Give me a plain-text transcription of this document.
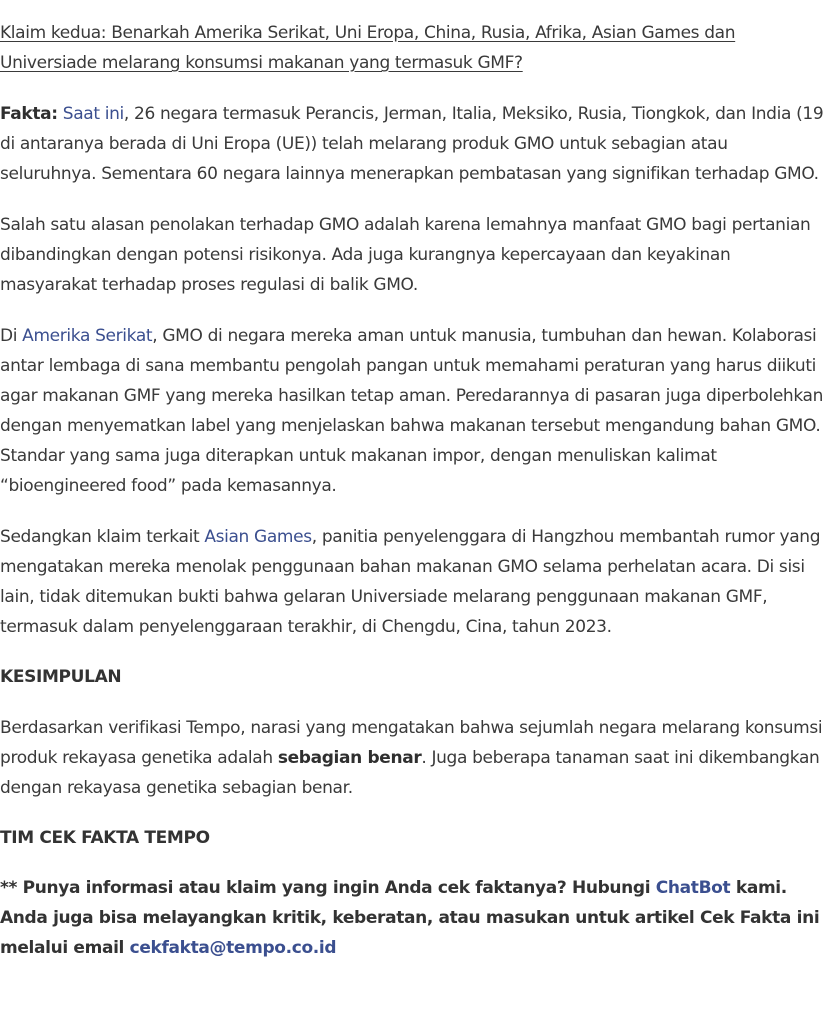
Klaim kedua: Benarkah Amerika Serikat, Uni Eropa, China, Rusia, Afrika, Asian Games dan Universiade melarang konsumsi makanan yang termasuk GMF?

Fakta: Saat ini, 26 negara termasuk Perancis, Jerman, Italia, Meksiko, Rusia, Tiongkok, dan India (19 di antaranya berada di Uni Eropa (UE)) telah melarang produk GMO untuk sebagian atau seluruhnya. Sementara 60 negara lainnya menerapkan pembatasan yang signifikan terhadap GMO.

Salah satu alasan penolakan terhadap GMO adalah karena lemahnya manfaat GMO bagi pertanian dibandingkan dengan potensi risikonya. Ada juga kurangnya kepercayaan dan keyakinan masyarakat terhadap proses regulasi di balik GMO.

Di Amerika Serikat, GMO di negara mereka aman untuk manusia, tumbuhan dan hewan. Kolaborasi antar lembaga di sana membantu pengolah pangan untuk memahami peraturan yang harus diikuti agar makanan GMF yang mereka hasilkan tetap aman. Peredarannya di pasaran juga diperbolehkan dengan menyematkan label yang menjelaskan bahwa makanan tersebut mengandung bahan GMO. Standar yang sama juga diterapkan untuk makanan impor, dengan menuliskan kalimat “bioengineered food” pada kemasannya.

Sedangkan klaim terkait Asian Games, panitia penyelenggara di Hangzhou membantah rumor yang mengatakan mereka menolak penggunaan bahan makanan GMO selama perhelatan acara. Di sisi lain, tidak ditemukan bukti bahwa gelaran Universiade melarang penggunaan makanan GMF, termasuk dalam penyelenggaraan terakhir, di Chengdu, Cina, tahun 2023.

KESIMPULAN

Berdasarkan verifikasi Tempo, narasi yang mengatakan bahwa sejumlah negara melarang konsumsi produk rekayasa genetika adalah sebagian benar. Juga beberapa tanaman saat ini dikembangkan dengan rekayasa genetika sebagian benar.

TIM CEK FAKTA TEMPO

** Punya informasi atau klaim yang ingin Anda cek faktanya? Hubungi ChatBot kami. Anda juga bisa melayangkan kritik, keberatan, atau masukan untuk artikel Cek Fakta ini melalui email cekfakta@tempo.co.id
